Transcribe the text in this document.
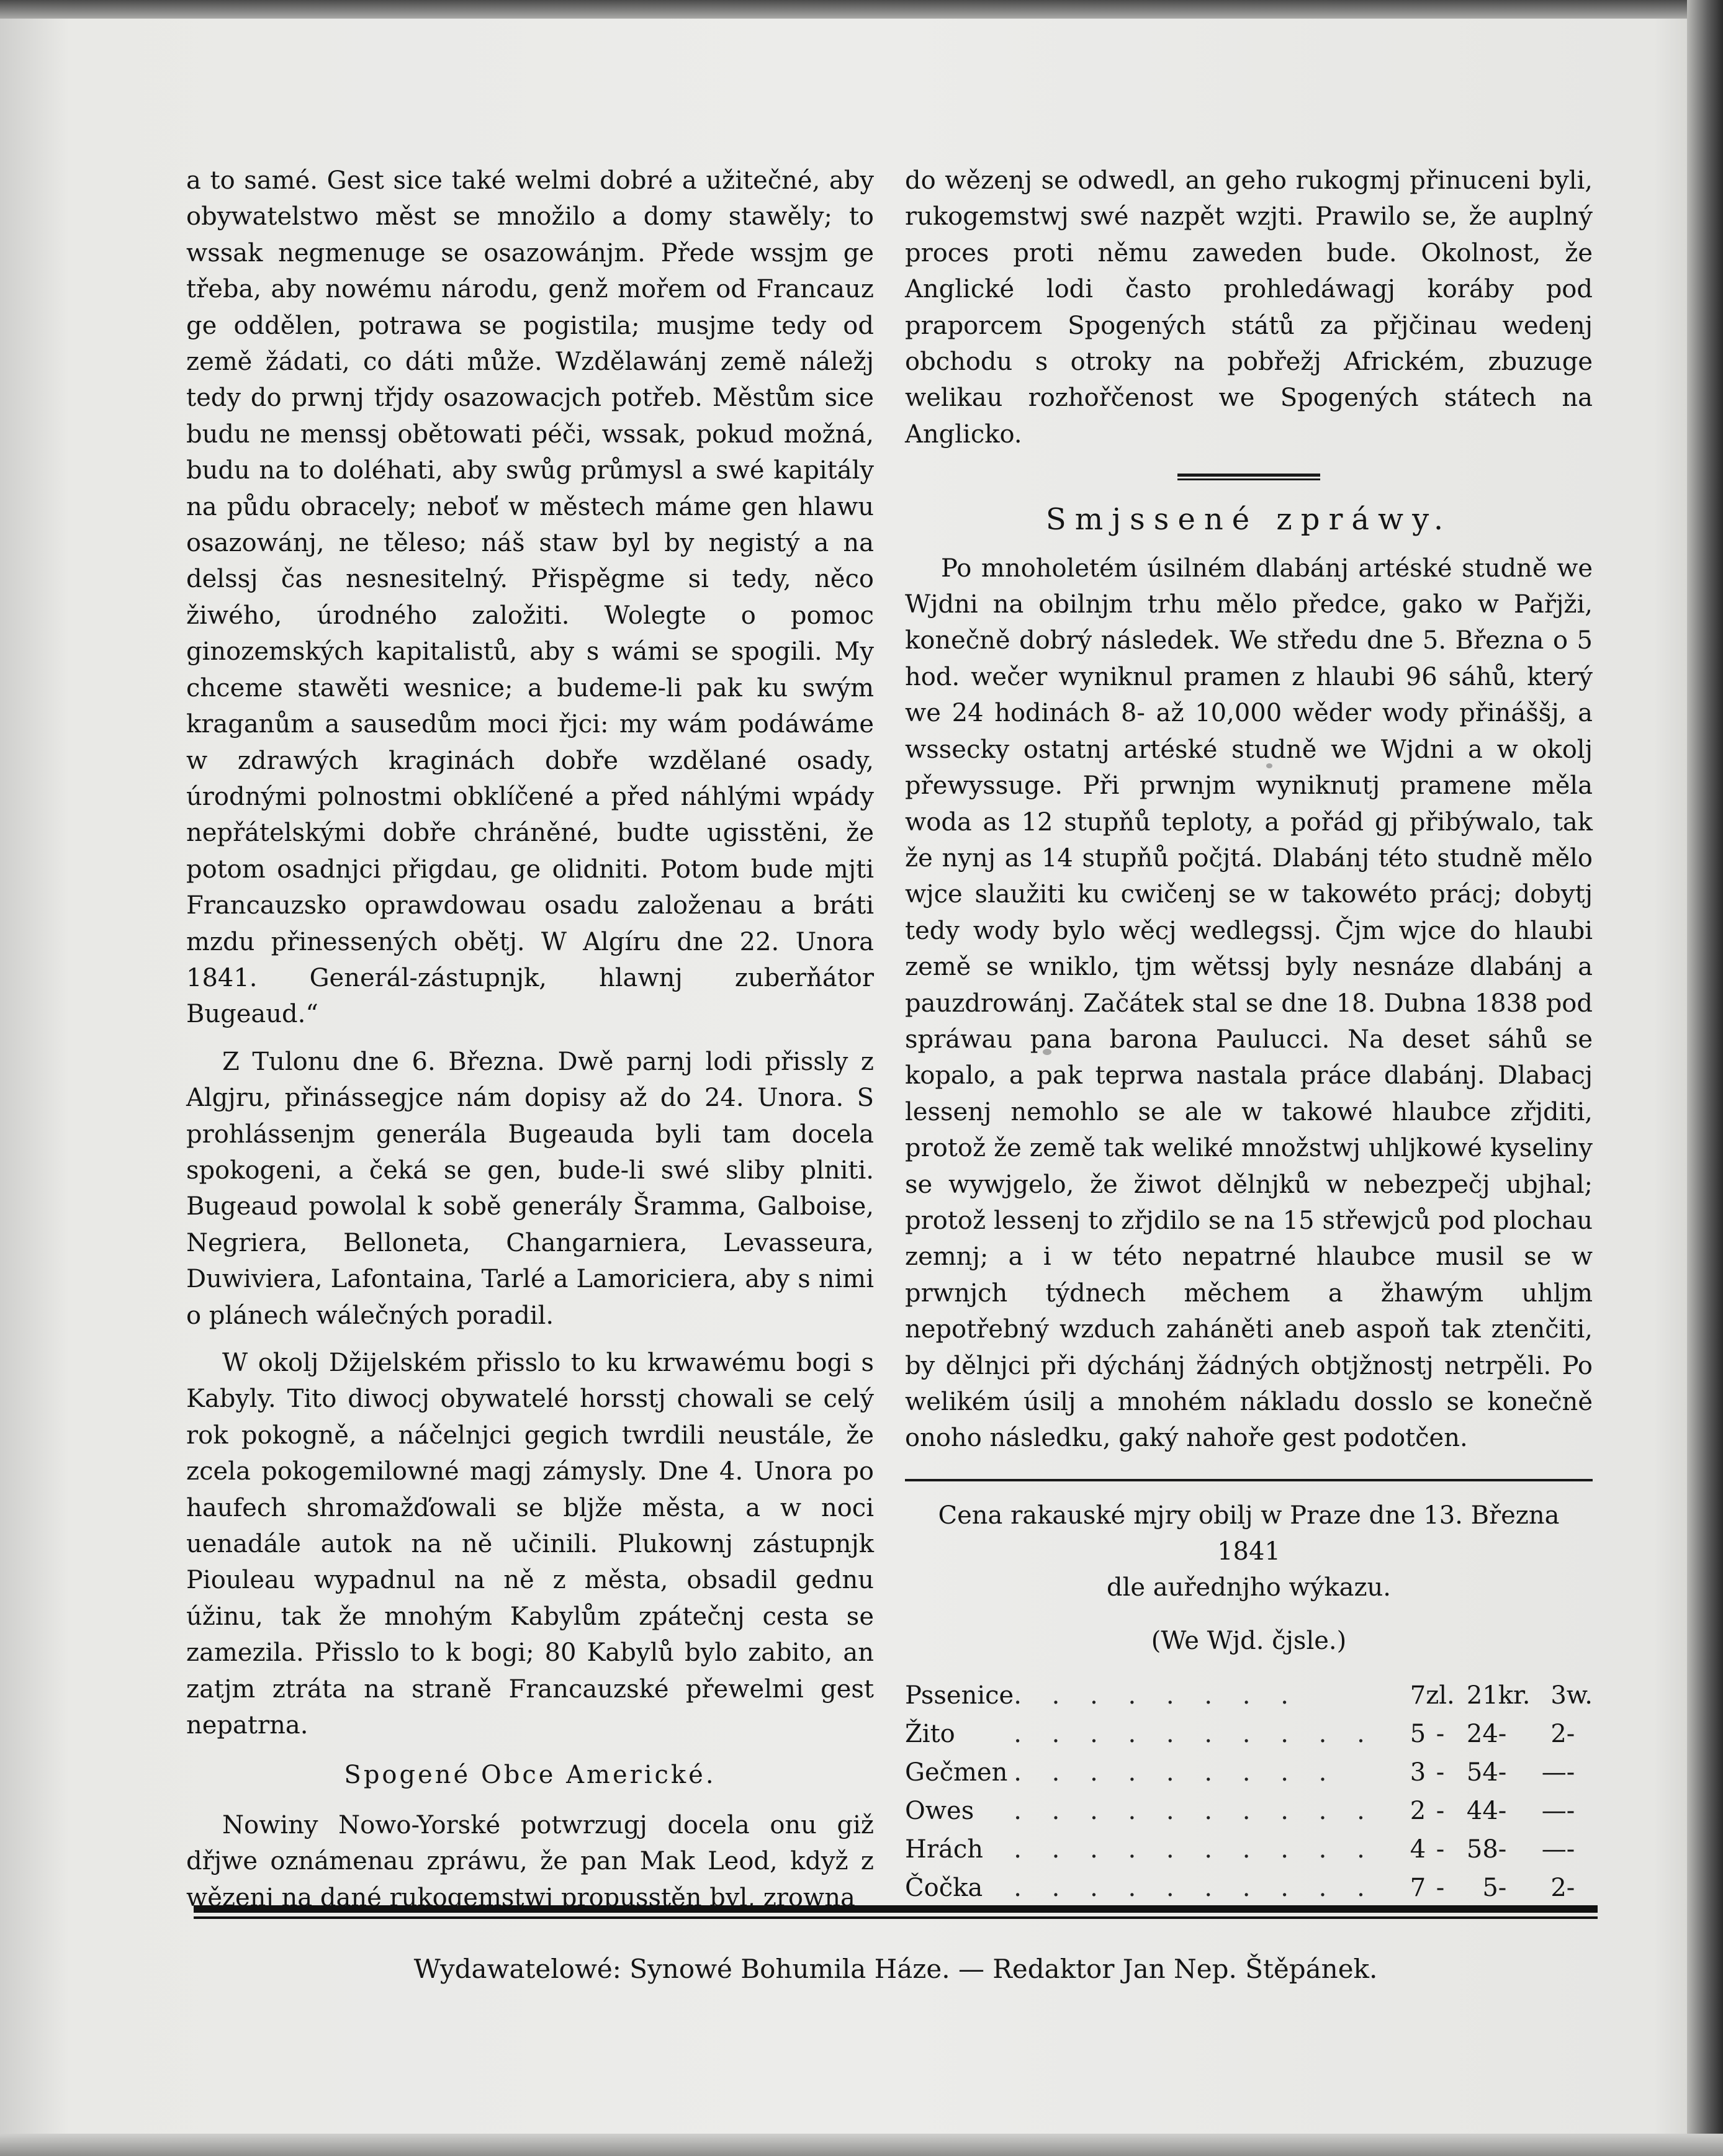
a to samé. Gest sice také welmi dobré a užitečné, aby obywatelstwo měst se množilo a domy stawěly; to wssak negmenuge se osazowánjm. Přede wssjm ge třeba, aby nowému národu, genž mořem od Francauz ge oddělen, potrawa se pogistila; musjme tedy od země žádati, co dáti může. Wzdělawánj země náležj tedy do prwnj třjdy osazowacjch potřeb. Městům sice budu ne menssj obětowati péči, wssak, pokud možná, budu na to doléhati, aby swůg průmysl a swé kapitály na půdu obracely; neboť w městech máme gen hlawu osazowánj, ne těleso; náš staw byl by negistý a na delssj čas nesnesitelný. Přispěgme si tedy, něco žiwého, úrodného založiti. Wolegte o pomoc ginozemských kapitalistů, aby s wámi se spogili. My chceme stawěti wesnice; a budeme-li pak ku swým kraganům a sausedům moci řjci: my wám podáwáme w zdrawých kraginách dobře wzdělané osady, úrodnými polnostmi obklíčené a před náhlými wpády nepřátelskými dobře chráněné, budte ugisstěni, že potom osadnjci přigdau, ge olidniti. Potom bude mjti Francauzsko oprawdowau osadu založenau a bráti mzdu přinessených obětj. W Algíru dne 22. Unora 1841. Generál-zástupnjk, hlawnj zuberňátor Bugeaud.“

Z Tulonu dne 6. Března. Dwě parnj lodi přissly z Algjru, přinássegjce nám dopisy až do 24. Unora. S prohlássenjm generála Bugeauda byli tam docela spokogeni, a čeká se gen, bude-li swé sliby plniti. Bugeaud powolal k sobě generály Šramma, Galboise, Negriera, Belloneta, Changarniera, Levasseura, Duwiviera, Lafontaina, Tarlé a Lamoriciera, aby s nimi o plánech wálečných poradil.

W okolj Džijelském přisslo to ku krwawému bogi s Kabyly. Tito diwocj obywatelé horsstj chowali se celý rok pokogně, a náčelnjci gegich twrdili neustále, že zcela pokogemilowné magj zámysly. Dne 4. Unora po haufech shromažďowali se bljže města, a w noci uenadále autok na ně učinili. Plukownj zástupnjk Piouleau wypadnul na ně z města, obsadil gednu úžinu, tak že mnohým Kabylům zpátečnj cesta se zamezila. Přisslo to k bogi; 80 Kabylů bylo zabito, an zatjm ztráta na straně Francauzské přewelmi gest nepatrna.

Spogené Obce Americké.

Nowiny Nowo-Yorské potwrzugj docela onu giž dřjwe oznámenau zpráwu, že pan Mak Leod, když z wězenj na dané rukogemstwj propusstěn byl, zrowna

do wězenj se odwedl, an geho rukogmj přinuceni byli, rukogemstwj swé nazpět wzjti. Prawilo se, že auplný proces proti němu zaweden bude. Okolnost, že Anglické lodi často prohledáwagj koráby pod praporcem Spogených států za přjčinau wedenj obchodu s otroky na pobřežj Africkém, zbuzuge welikau rozhořčenost we Spogených státech na Anglicko.

Smjssené zpráwy.

Po mnoholetém úsilném dlabánj artéské studně we Wjdni na obilnjm trhu mělo předce, gako w Pařjži, konečně dobrý následek. We středu dne 5. Března o 5 hod. wečer wyniknul pramen z hlaubi 96 sáhů, který we 24 hodinách 8- až 10,000 wěder wody přináššj, a wssecky ostatnj artéské studně we Wjdni a w okolj přewyssuge. Při prwnjm wyniknutj pramene měla woda as 12 stupňů teploty, a pořád gj přibýwalo, tak že nynj as 14 stupňů počjtá. Dlabánj této studně mělo wjce slaužiti ku cwičenj se w takowéto prácj; dobytj tedy wody bylo wěcj wedlegssj. Čjm wjce do hlaubi země se wniklo, tjm wětssj byly nesnáze dlabánj a pauzdrowánj. Začátek stal se dne 18. Dubna 1838 pod spráwau pana barona Paulucci. Na deset sáhů se kopalo, a pak teprwa nastala práce dlabánj. Dlabacj lessenj nemohlo se ale w takowé hlaubce zřjditi, protož že země tak weliké množstwj uhljkowé kyseliny se wywjgelo, že žiwot dělnjků w nebezpečj ubjhal; protož lessenj to zřjdilo se na 15 střewjců pod plochau zemnj; a i w této nepatrné hlaubce musil se w prwnjch týdnech měchem a žhawým uhljm nepotřebný wzduch zaháněti aneb aspoň tak ztenčiti, by dělnjci při dýchánj žádných obtjžnostj netrpěli. Po welikém úsilj a mnohém nákladu dosslo se konečně onoho následku, gaký nahoře gest podotčen.

Cena rakauské mjry obilj w Praze dne 13. Března 1841
dle auřednjho wýkazu.
(We Wjd. čjsle.)
Pssenice	. . . . . . . .	7	zl.	21	kr.	3	w.
Žito	. . . . . . . . . .	5	-	24	-	2	-
Gečmen	. . . . . . . . .	3	-	54	-	—	-
Owes	. . . . . . . . . .	2	-	44	-	—	-
Hrách	. . . . . . . . . .	4	-	58	-	—	-
Čočka	. . . . . . . . . .	7	-	5	-	2	-
Wydawatelowé: Synowé Bohumila Háze. — Redaktor Jan Nep. Štěpánek.
